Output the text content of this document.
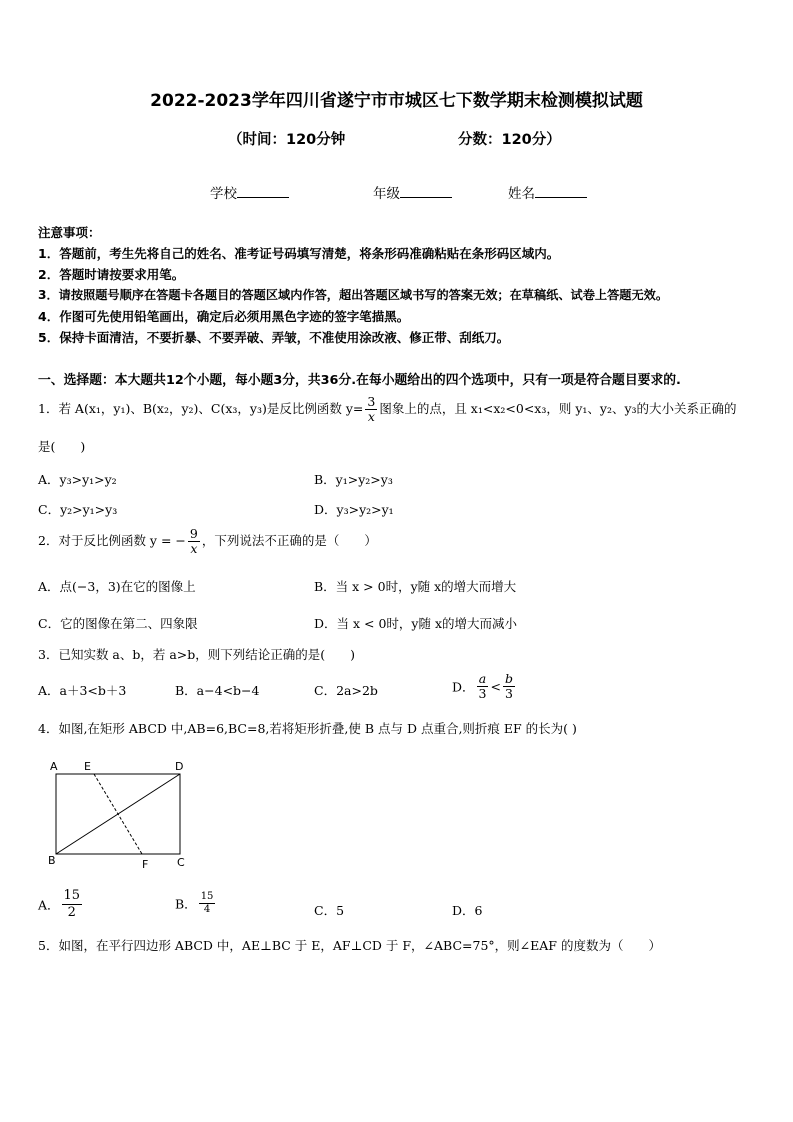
2022-2023学年四川省遂宁市市城区七下数学期末检测模拟试题
（时间：120分钟	分数：120分）
学校	年级	姓名
注意事项：
1．答题前，考生先将自己的姓名、准考证号码填写清楚，将条形码准确粘贴在条形码区域内。
2．答题时请按要求用笔。
3．请按照题号顺序在答题卡各题目的答题区域内作答，超出答题区域书写的答案无效；在草稿纸、试卷上答题无效。
4．作图可先使用铅笔画出，确定后必须用黑色字迹的签字笔描黑。
5．保持卡面清洁，不要折暴、不要弄破、弄皱，不准使用涂改液、修正带、刮纸刀。
一、选择题：本大题共12个小题，每小题3分，共36分.在每小题给出的四个选项中，只有一项是符合题目要求的.
1．若 A(x₁，y₁)、B(x₂，y₂)、C(x₃，y₃)是反比例函数 $y= \frac{3}{x}$ 图象上的点，且 x₁<x₂<0<x₃，则 y₁、y₂、y₃的大小关系正确的
是(　　)
A．y₃>y₁>y₂	B．y₁>y₂>y₃
C．y₂>y₁>y₃	D．y₃>y₂>y₁
2．对于反比例函数 y = − $\frac{9}{x}$ ，下列说法不正确的是（　　）
A．点(−3，3)在它的图像上	B．当 x > 0时，y随 x的增大而增大
C．它的图像在第二、四象限	D．当 x < 0时，y随 x的增大而减小
3．已知实数 a、b，若 a>b，则下列结论正确的是(　　)
A．a＋3<b＋3	B．a−4<b−4	C．2a>2b	D． $\frac{a}{3} < \frac{b}{3}$
4．如图,在矩形 ABCD 中,AB=6,BC=8,若将矩形折叠,使 B 点与 D 点重合,则折痕 EF 的长为( )
A E	D
B	F	C
A． $\frac{15}{2}$	B． $\frac{15}{4}$	C．5	D．6
5．如图，在平行四边形 ABCD 中，AE⊥BC 于 E，AF⊥CD 于 F，∠ABC=75°，则∠EAF 的度数为（　　）
